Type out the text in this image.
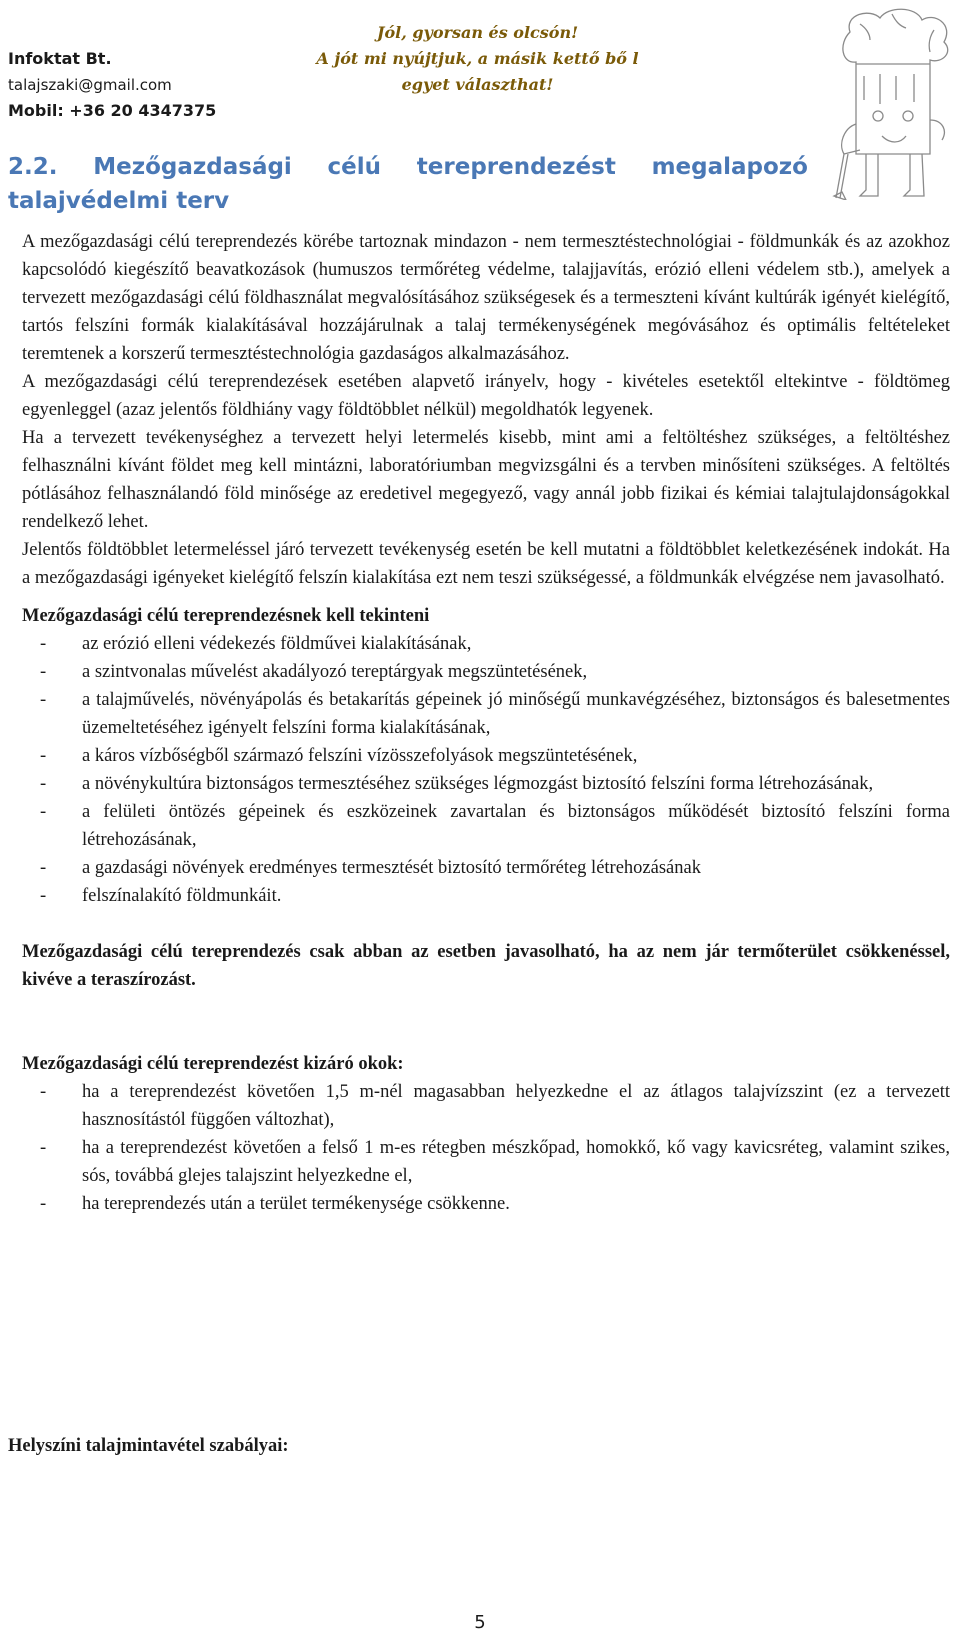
Infoktat Bt.
talajszaki@gmail.com
Mobil: +36 20 4347375
Jól, gyorsan és olcsón!
A jót mi nyújtjuk, a másik kettő bő l
egyet választhat!
2.2. Mezőgazdasági célú tereprendezést megalapozó
talajvédelmi terv

A mezőgazdasági célú tereprendezés körébe tartoznak mindazon - nem termesztéstechnológiai - földmunkák és az azokhoz kapcsolódó kiegészítő beavatkozások (humuszos termőréteg védelme, talajjavítás, erózió elleni védelem stb.), amelyek a tervezett mezőgazdasági célú földhasználat megvalósításához szükségesek és a termeszteni kívánt kultúrák igényét kielégítő, tartós felszíni formák kialakításával hozzájárulnak a talaj termékenységének megóvásához és optimális feltételeket teremtenek a korszerű termesztéstechnológia gazdaságos alkalmazásához.

A mezőgazdasági célú tereprendezések esetében alapvető irányelv, hogy - kivételes esetektől eltekintve - földtömeg egyenleggel (azaz jelentős földhiány vagy földtöbblet nélkül) megoldhatók legyenek.

Ha a tervezett tevékenységhez a tervezett helyi letermelés kisebb, mint ami a feltöltéshez szükséges, a feltöltéshez felhasználni kívánt földet meg kell mintázni, laboratóriumban megvizsgálni és a tervben minősíteni szükséges. A feltöltés pótlásához felhasználandó föld minősége az eredetivel megegyező, vagy annál jobb fizikai és kémiai talajtulajdonságokkal rendelkező lehet.

Jelentős földtöbblet letermeléssel járó tervezett tevékenység esetén be kell mutatni a földtöbblet keletkezésének indokát. Ha a mezőgazdasági igényeket kielégítő felszín kialakítása ezt nem teszi szükségessé, a földmunkák elvégzése nem javasolható.

Mezőgazdasági célú tereprendezésnek kell tekinteni
- az erózió elleni védekezés földművei kialakításának,
- a szintvonalas művelést akadályozó tereptárgyak megszüntetésének,
- a talajművelés, növényápolás és betakarítás gépeinek jó minőségű munkavégzéséhez, biztonságos és balesetmentes üzemeltetéséhez igényelt felszíni forma kialakításának,
- a káros vízbőségből származó felszíni vízösszefolyások megszüntetésének,
- a növénykultúra biztonságos termesztéséhez szükséges légmozgást biztosító felszíni forma létrehozásának,
- a felületi öntözés gépeinek és eszközeinek zavartalan és biztonságos működését biztosító felszíni forma létrehozásának,
- a gazdasági növények eredményes termesztését biztosító termőréteg létrehozásának
- felszínalakító földmunkáit.

Mezőgazdasági célú tereprendezés csak abban az esetben javasolható, ha az nem jár termőterület csökkenéssel, kivéve a teraszírozást.

Mezőgazdasági célú tereprendezést kizáró okok:
- ha a tereprendezést követően 1,5 m-nél magasabban helyezkedne el az átlagos talajvízszint (ez a tervezett hasznosítástól függően változhat),
- ha a tereprendezést követően a felső 1 m-es rétegben mészkőpad, homokkő, kő vagy kavicsréteg, valamint szikes, sós, továbbá glejes talajszint helyezkedne el,
- ha tereprendezés után a terület termékenysége csökkenne.
Helyszíni talajmintavétel szabályai:
5
